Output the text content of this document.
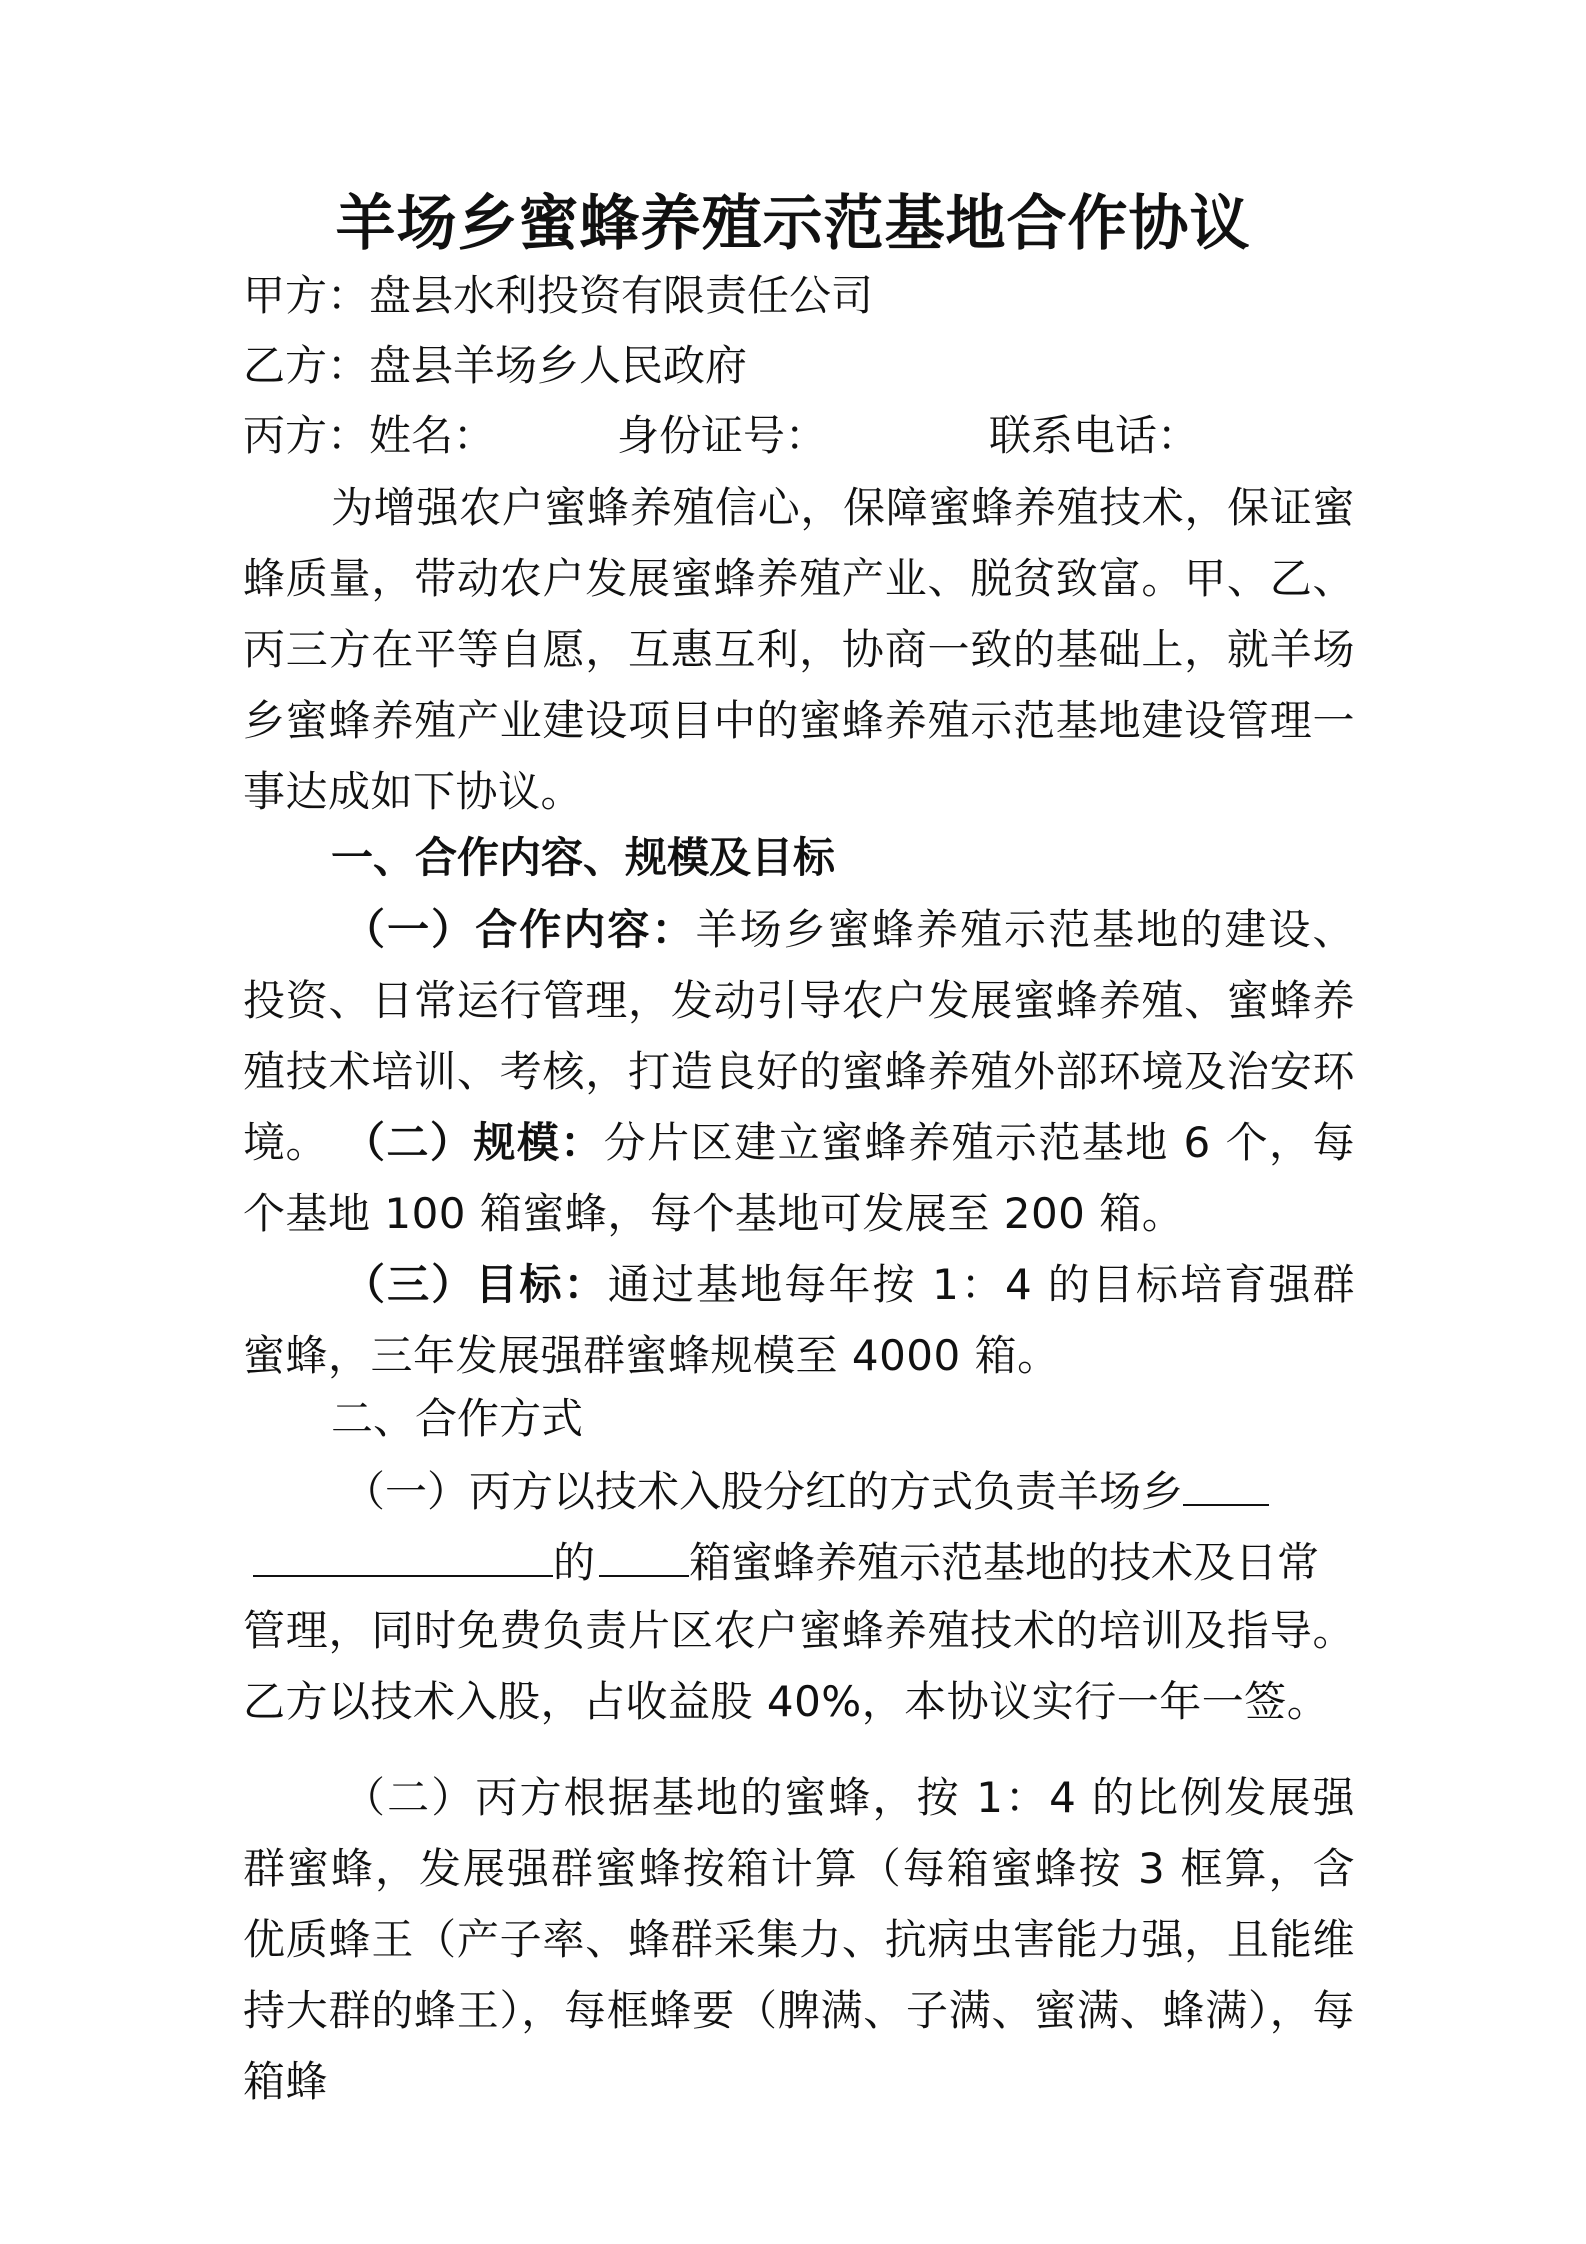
羊场乡蜜蜂养殖示范基地合作协议
甲方：盘县水利投资有限责任公司
乙方：盘县羊场乡人民政府
丙方：姓名：	身份证号：	联系电话：
为增强农户蜜蜂养殖信心，保障蜜蜂养殖技术，保证蜜蜂质量，带动农户发展蜜蜂养殖产业、脱贫致富。甲、乙、丙三方在平等自愿，互惠互利，协商一致的基础上，就羊场乡蜜蜂养殖产业建设项目中的蜜蜂养殖示范基地建设管理一事达成如下协议。
一、合作内容、规模及目标
（一）合作内容：羊场乡蜜蜂养殖示范基地的建设、投资、日常运行管理，发动引导农户发展蜜蜂养殖、蜜蜂养殖技术培训、考核，打造良好的蜜蜂养殖外部环境及治安环境。 （二）规模：分片区建立蜜蜂养殖示范基地 6 个，每个基地 100 箱蜜蜂，每个基地可发展至 200 箱。
（三）目标：通过基地每年按 1：4 的目标培育强群蜜蜂，三年发展强群蜜蜂规模至 4000 箱。
二、合作方式
（一）丙方以技术入股分红的方式负责羊场乡
的 箱蜜蜂养殖示范基地的技术及日常
管理，同时免费负责片区农户蜜蜂养殖技术的培训及指导。乙方以技术入股，占收益股 40%，本协议实行一年一签。
（二）丙方根据基地的蜜蜂，按 1：4 的比例发展强群蜜蜂，发展强群蜜蜂按箱计算（每箱蜜蜂按 3 框算，含优质蜂王（产子率、蜂群采集力、抗病虫害能力强，且能维持大群的蜂王），每框蜂要（脾满、子满、蜜满、蜂满），每箱蜂
